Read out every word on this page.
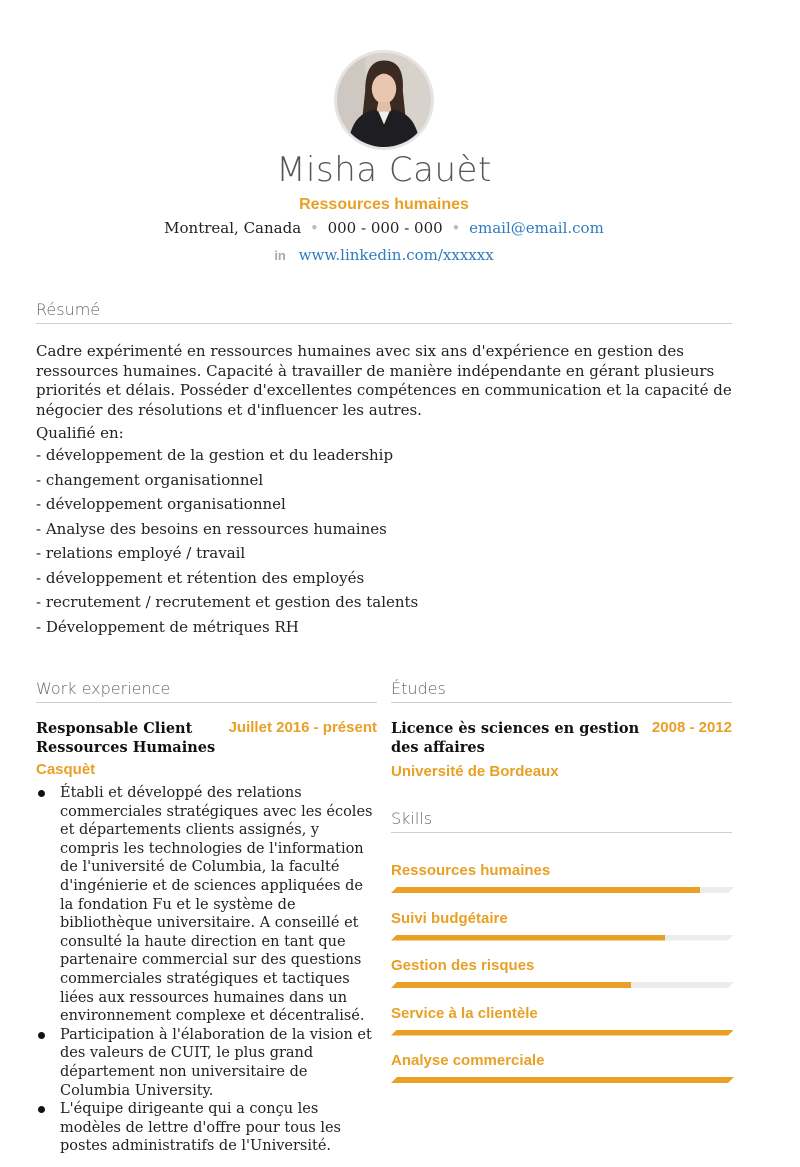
Misha Cauèt
Ressources humaines
Montreal, Canada • 000 - 000 - 000 • email@email.com
in www.linkedin.com/xxxxxx
Résumé

Cadre expérimenté en ressources humaines avec six ans d'expérience en gestion des ressources humaines. Capacité à travailler de manière indépendante en gérant plusieurs priorités et délais. Posséder d'excellentes compétences en communication et la capacité de négocier des résolutions et d'influencer les autres.

Qualifié en:
- développement de la gestion et du leadership
- changement organisationnel
- développement organisationnel
- Analyse des besoins en ressources humaines
- relations employé / travail
- développement et rétention des employés
- recrutement / recrutement et gestion des talents
- Développement de métriques RH
Work experience
Responsable Client Ressources Humaines
Juillet 2016 - présent
Casquèt
Établi et développé des relations commerciales stratégiques avec les écoles et départements clients assignés, y compris les technologies de l'information de l'université de Columbia, la faculté d'ingénierie et de sciences appliquées de la fondation Fu et le système de bibliothèque universitaire. A conseillé et consulté la haute direction en tant que partenaire commercial sur des questions commerciales stratégiques et tactiques liées aux ressources humaines dans un environnement complexe et décentralisé.
Participation à l'élaboration de la vision et des valeurs de CUIT, le plus grand département non universitaire de Columbia University.
L'équipe dirigeante qui a conçu les modèles de lettre d'offre pour tous les postes administratifs de l'Université.
Études
Licence ès sciences en gestion des affaires
2008 - 2012
Université de Bordeaux
Skills
Ressources humaines
Suivi budgétaire
Gestion des risques
Service à la clientèle
Analyse commerciale
